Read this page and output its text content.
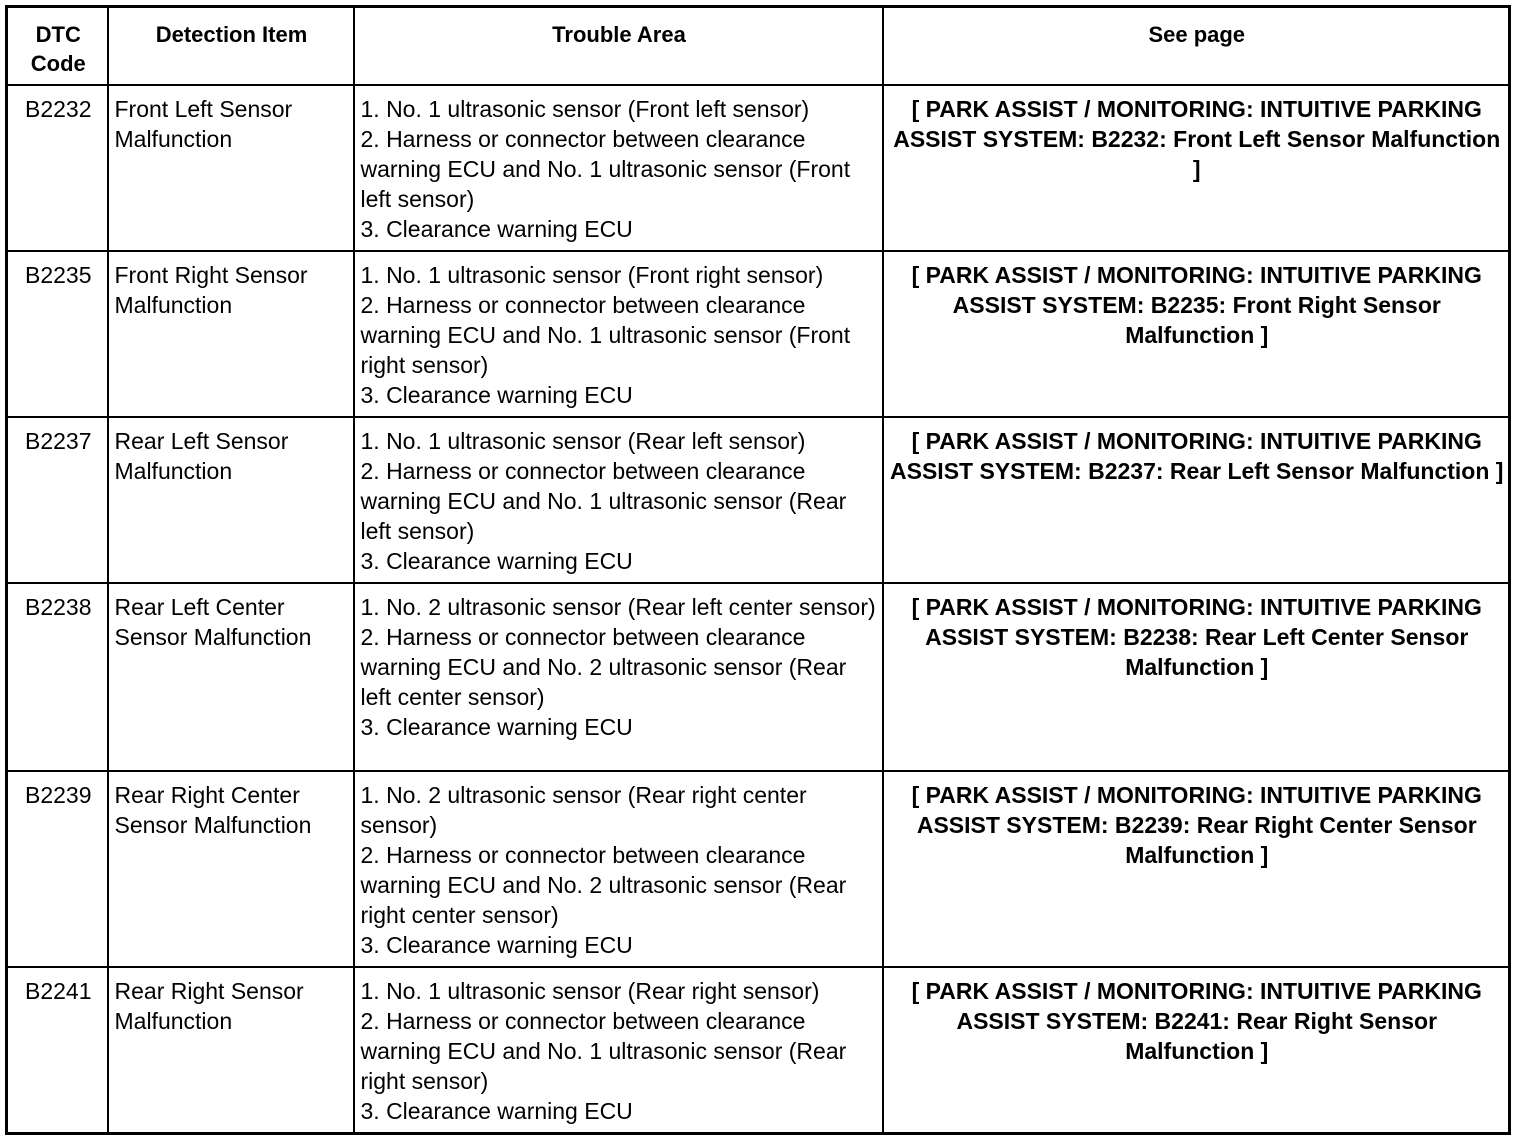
DTC Code	Detection Item	Trouble Area	See page
B2232	Front Left Sensor Malfunction	1. No. 1 ultrasonic sensor (Front left sensor)
2. Harness or connector between clearance warning ECU and No. 1 ultrasonic sensor (Front left sensor)
3. Clearance warning ECU	[ PARK ASSIST / MONITORING: INTUITIVE PARKING ASSIST SYSTEM: B2232: Front Left Sensor Malfunction ]
B2235	Front Right Sensor Malfunction	1. No. 1 ultrasonic sensor (Front right sensor)
2. Harness or connector between clearance warning ECU and No. 1 ultrasonic sensor (Front right sensor)
3. Clearance warning ECU	[ PARK ASSIST / MONITORING: INTUITIVE PARKING ASSIST SYSTEM: B2235: Front Right Sensor Malfunction ]
B2237	Rear Left Sensor Malfunction	1. No. 1 ultrasonic sensor (Rear left sensor)
2. Harness or connector between clearance warning ECU and No. 1 ultrasonic sensor (Rear left sensor)
3. Clearance warning ECU	[ PARK ASSIST / MONITORING: INTUITIVE PARKING ASSIST SYSTEM: B2237: Rear Left Sensor Malfunction ]
B2238	Rear Left Center Sensor Malfunction	1. No. 2 ultrasonic sensor (Rear left center sensor)
2. Harness or connector between clearance warning ECU and No. 2 ultrasonic sensor (Rear left center sensor)
3. Clearance warning ECU	[ PARK ASSIST / MONITORING: INTUITIVE PARKING ASSIST SYSTEM: B2238: Rear Left Center Sensor Malfunction ]
B2239	Rear Right Center Sensor Malfunction	1. No. 2 ultrasonic sensor (Rear right center sensor)
2. Harness or connector between clearance warning ECU and No. 2 ultrasonic sensor (Rear right center sensor)
3. Clearance warning ECU	[ PARK ASSIST / MONITORING: INTUITIVE PARKING ASSIST SYSTEM: B2239: Rear Right Center Sensor Malfunction ]
B2241	Rear Right Sensor Malfunction	1. No. 1 ultrasonic sensor (Rear right sensor)
2. Harness or connector between clearance warning ECU and No. 1 ultrasonic sensor (Rear right sensor)
3. Clearance warning ECU	[ PARK ASSIST / MONITORING: INTUITIVE PARKING ASSIST SYSTEM: B2241: Rear Right Sensor Malfunction ]
